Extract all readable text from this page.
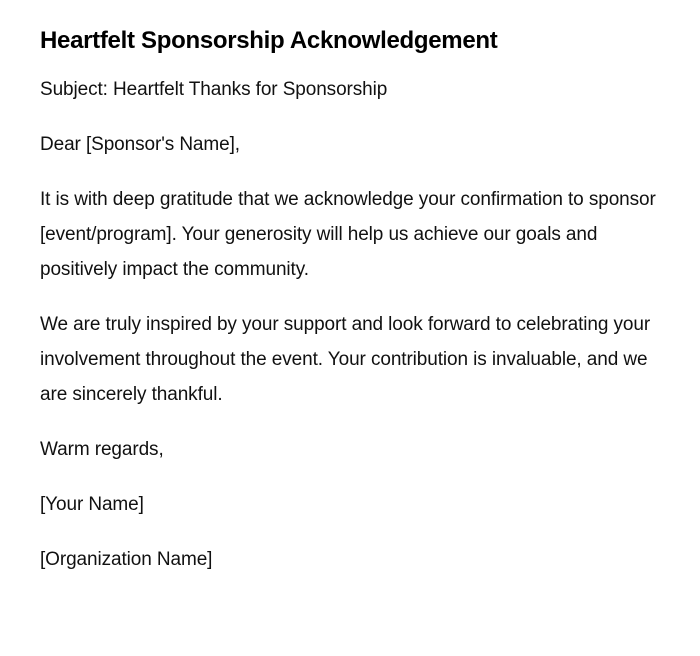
Heartfelt Sponsorship Acknowledgement

Subject: Heartfelt Thanks for Sponsorship

Dear [Sponsor's Name],

It is with deep gratitude that we acknowledge your confirmation to sponsor [event/program]. Your generosity will help us achieve our goals and positively impact the community.

We are truly inspired by your support and look forward to celebrating your involvement throughout the event. Your contribution is invaluable, and we are sincerely thankful.

Warm regards,

[Your Name]

[Organization Name]
